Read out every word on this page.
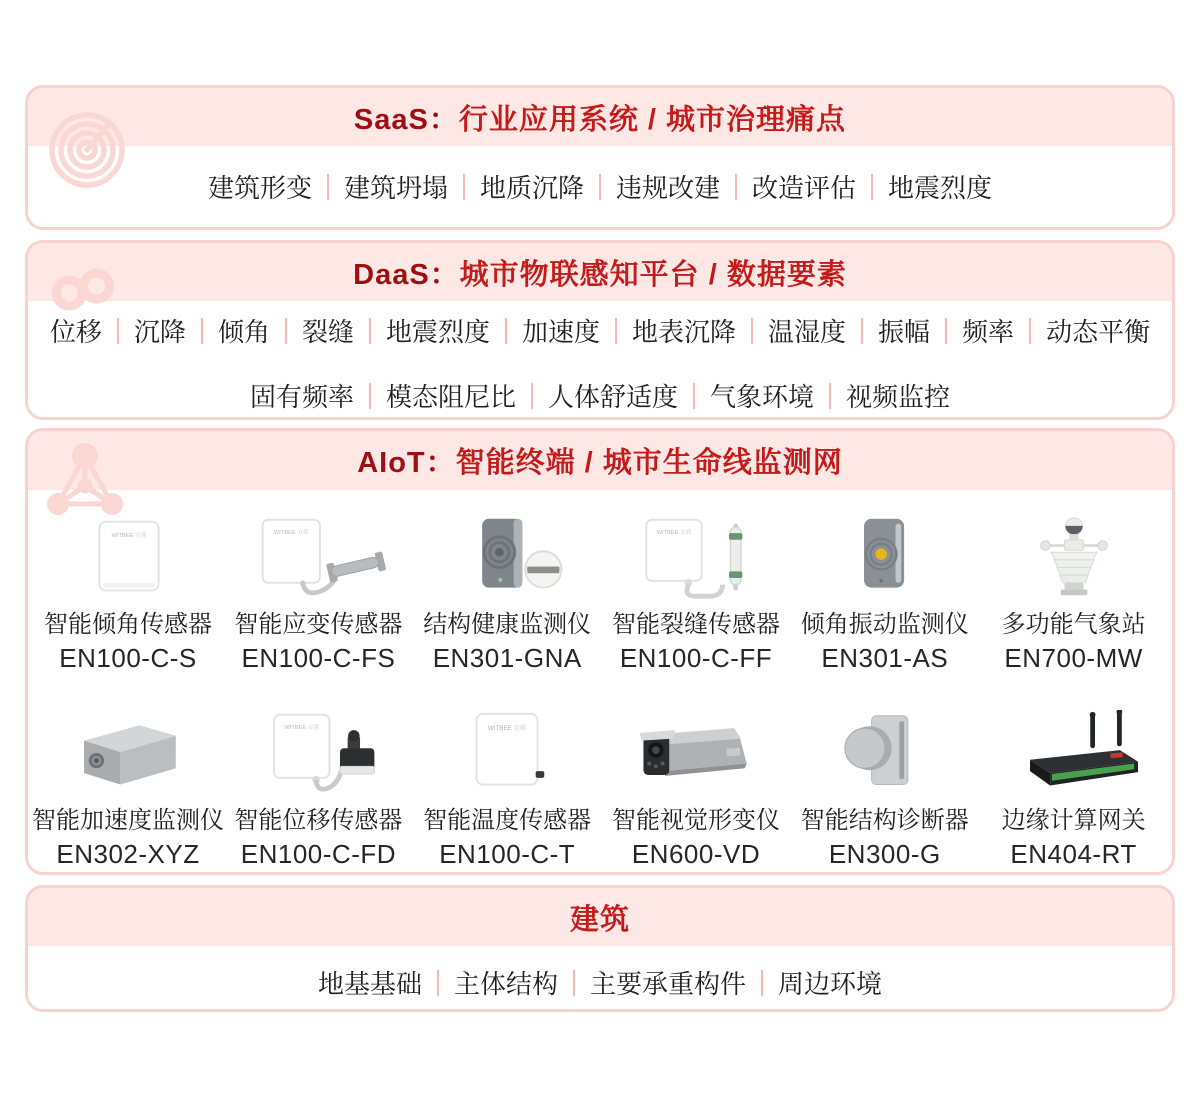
SaaS： 行业应用系统 / 城市治理痛点
建筑形变 建筑坍塌 地质沉降 违规改建 改造评估 地震烈度
DaaS： 城市物联感知平台 / 数据要素
位移 沉降 倾角 裂缝 地震烈度 加速度 地表沉降 温湿度 振幅 频率 动态平衡
固有频率 模态阻尼比 人体舒适度 气象环境 视频监控
AIoT： 智能终端 / 城市生命线监测网
WITBEE 万宾
智能倾角传感器
EN100-C-S
WITBEE 万宾
智能应变传感器
EN100-C-FS
结构健康监测仪
EN301-GNA
WITBEE 万宾
智能裂缝传感器
EN100-C-FF
倾角振动监测仪
EN301-AS
多功能气象站
EN700-MW
智能加速度监测仪
EN302-XYZ
WITBEE 万宾
智能位移传感器
EN100-C-FD
WITBEE 万宾
智能温度传感器
EN100-C-T
智能视觉形变仪
EN600-VD
智能结构诊断器
EN300-G
边缘计算网关
EN404-RT
建筑
地基基础 主体结构 主要承重构件 周边环境
